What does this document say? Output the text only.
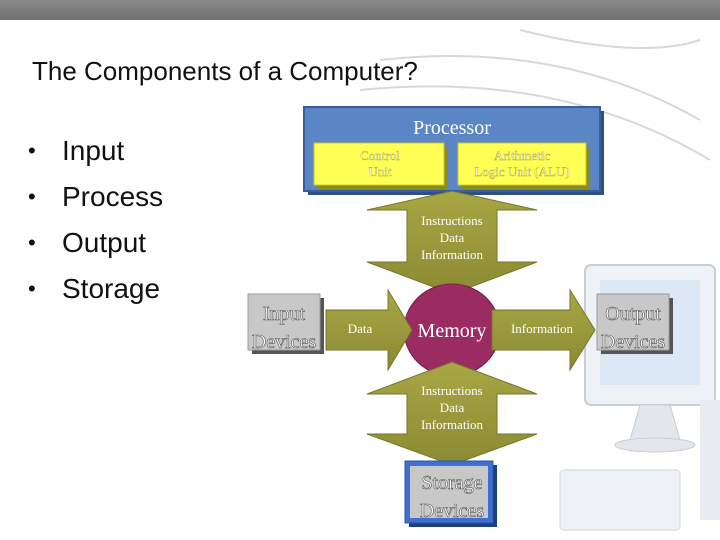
The Components of a Computer?
• Input
• Process
• Output
• Storage
Processor
Control
Unit
Arithmetic
Logic Unit (ALU)
Instructions
Data
Information
Data	Information
Memory
Input
Devices
Output
Devices
Instructions
Data
Information
Storage
Devices
